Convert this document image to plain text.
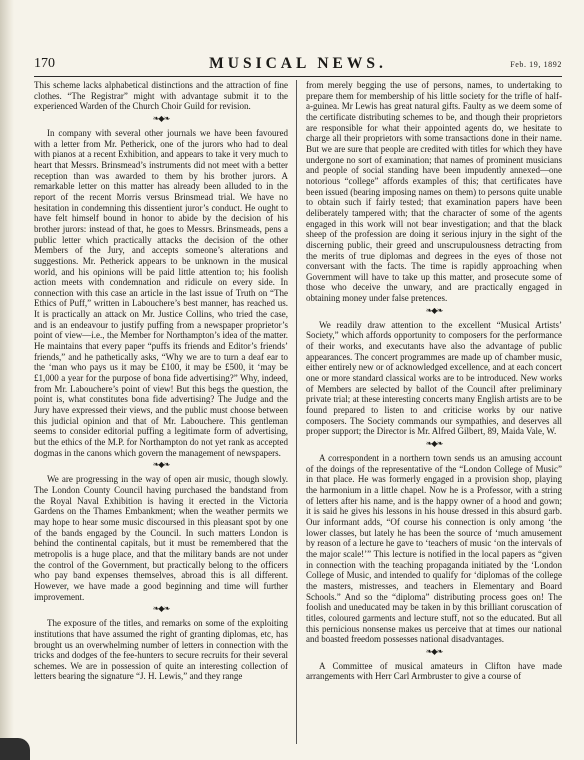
170	MUSICAL NEWS.	Feb. 19, 1892

This scheme lacks alphabetical distinctions and the attraction of fine clothes. “The Registrar” might with advantage submit it to the experienced Warden of the Church Choir Guild for revision.

❧◆❧

In company with several other journals we have been favoured with a letter from Mr. Petherick, one of the jurors who had to deal with pianos at a recent Exhibition, and appears to take it very much to heart that Messrs. Brinsmead’s instruments did not meet with a better reception than was awarded to them by his brother jurors. A remarkable letter on this matter has already been alluded to in the report of the recent Morris versus Brinsmead trial. We have no hesitation in condemning this dissentient juror’s conduct. He ought to have felt himself bound in honor to abide by the decision of his brother jurors: instead of that, he goes to Messrs. Brinsmeads, pens a public letter which practically attacks the decision of the other Members of the Jury, and accepts someone’s alterations and suggestions. Mr. Petherick appears to be unknown in the musical world, and his opinions will be paid little attention to; his foolish action meets with condemnation and ridicule on every side. In connection with this case an article in the last issue of Truth on “The Ethics of Puff,” written in Labouchere’s best manner, has reached us. It is practically an attack on Mr. Justice Collins, who tried the case, and is an endeavour to justify puffing from a newspaper proprietor’s point of view—i.e., the Member for Northampton’s idea of the matter. He maintains that every paper “puffs its friends and Editor’s friends’ friends,” and he pathetically asks, “Why we are to turn a deaf ear to the ‘man who pays us it may be £100, it may be £500, it ‘may be £1,000 a year for the purpose of bona fide advertising?” Why, indeed, from Mr. Labouchere’s point of view! But this begs the question, the point is, what constitutes bona fide advertising? The Judge and the Jury have expressed their views, and the public must choose between this judicial opinion and that of Mr. Labouchere. This gentleman seems to consider editorial puffing a legitimate form of advertising, but the ethics of the M.P. for Northampton do not yet rank as accepted dogmas in the canons which govern the management of newspapers.

❧◆❧

We are progressing in the way of open air music, though slowly. The London County Council having purchased the bandstand from the Royal Naval Exhibition is having it erected in the Victoria Gardens on the Thames Embankment; when the weather permits we may hope to hear some music discoursed in this pleasant spot by one of the bands engaged by the Council. In such matters London is behind the continental capitals, but it must be remembered that the metropolis is a huge place, and that the military bands are not under the control of the Government, but practically belong to the officers who pay band expenses themselves, abroad this is all different. However, we have made a good beginning and time will further improvement.

❧◆❧

The exposure of the titles, and remarks on some of the exploiting institutions that have assumed the right of granting diplomas, etc, has brought us an overwhelming number of letters in connection with the tricks and dodges of the fee-hunters to secure recruits for their several schemes. We are in possession of quite an interesting collection of letters bearing the signature “J. H. Lewis,” and they range

from merely begging the use of persons, names, to undertaking to prepare them for membership of his little society for the trifle of half-a-guinea. Mr Lewis has great natural gifts. Faulty as we deem some of the certificate distributing schemes to be, and though their proprietors are responsible for what their appointed agents do, we hesitate to charge all their proprietors with some transactions done in their name. But we are sure that people are credited with titles for which they have undergone no sort of examination; that names of prominent musicians and people of social standing have been impudently annexed—one notorious “college” affords examples of this; that certificates have been issued (bearing imposing names on them) to persons quite unable to obtain such if fairly tested; that examination papers have been deliberately tampered with; that the character of some of the agents engaged in this work will not bear investigation; and that the black sheep of the profession are doing it serious injury in the sight of the discerning public, their greed and unscrupulousness detracting from the merits of true diplomas and degrees in the eyes of those not conversant with the facts. The time is rapidly approaching when Government will have to take up this matter, and prosecute some of those who deceive the unwary, and are practically engaged in obtaining money under false pretences.

❧◆❧

We readily draw attention to the excellent “Musical Artists’ Society,” which affords opportunity to composers for the performance of their works, and executants have also the advantage of public appearances. The concert programmes are made up of chamber music, either entirely new or of acknowledged excellence, and at each concert one or more standard classical works are to be introduced. New works of Members are selected by ballot of the Council after preliminary private trial; at these interesting concerts many English artists are to be found prepared to listen to and criticise works by our native composers. The Society commands our sympathies, and deserves all proper support; the Director is Mr. Alfred Gilbert, 89, Maida Vale, W.

❧◆❧

A correspondent in a northern town sends us an amusing account of the doings of the representative of the “London College of Music” in that place. He was formerly engaged in a provision shop, playing the harmonium in a little chapel. Now he is a Professor, with a string of letters after his name, and is the happy owner of a hood and gown; it is said he gives his lessons in his house dressed in this absurd garb. Our informant adds, “Of course his connection is only among ‘the lower classes, but lately he has been the source of ‘much amusement by reason of a lecture he gave to ‘teachers of music ‘on the intervals of the major scale!’” This lecture is notified in the local papers as “given in connection with the teaching propaganda initiated by the ‘London College of Music, and intended to qualify for ‘diplomas of the college the masters, mistresses, and teachers in Elementary and Board Schools.” And so the “diploma” distributing process goes on! The foolish and uneducated may be taken in by this brilliant coruscation of titles, coloured garments and lecture stuff, not so the educated. But all this pernicious nonsense makes us perceive that at times our national and boasted freedom possesses national disadvantages.

❧◆❧

A Committee of musical amateurs in Clifton have made arrangements with Herr Carl Armbruster to give a course of
